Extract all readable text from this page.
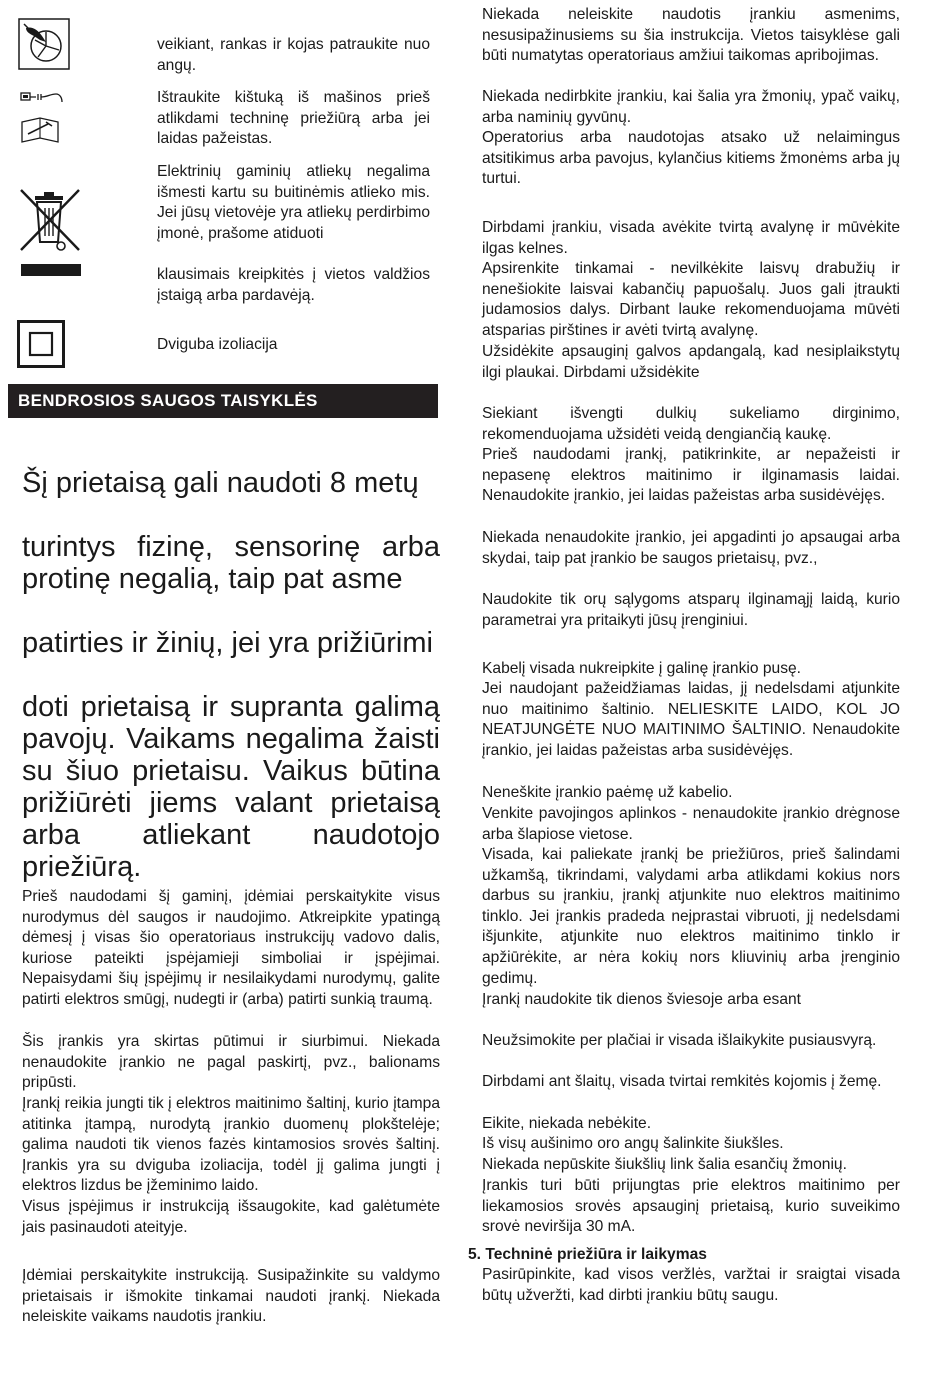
veikiant, rankas ir kojas patraukite nuo angų.

Ištraukite kištuką iš mašinos prieš atlikdami techninę priežiūrą arba jei laidas pažeistas.

Elektrinių gaminių atliekų negalima išmesti kartu su buitinėmis atlieko mis. Jei jūsų vietovėje yra atliekų perdirbimo įmonė, prašome atiduoti

klausimais kreipkitės į vietos valdžios įstaigą arba pardavėją.

Dviguba izoliacija

BENDROSIOS SAUGOS TAISYKLĖS

Šį prietaisą gali naudoti 8 metų

turintys fizinę, sensorinę arba protinę negalią, taip pat asme

patirties ir žinių, jei yra prižiūrimi

doti prietaisą ir supranta galimą pavojų. Vaikams negalima žaisti su šiuo prietaisu. Vaikus būtina prižiūrėti jiems valant prietaisą arba atliekant naudotojo priežiūrą.

Prieš naudodami šį gaminį, įdėmiai perskaitykite visus nurodymus dėl saugos ir naudojimo. Atkreipkite ypatingą dėmesį į visas šio operatoriaus instrukcijų vadovo dalis, kuriose pateikti įspėjamieji simboliai ir įspėjimai. Nepaisydami šių įspėjimų ir nesilaikydami nurodymų, galite patirti elektros smūgį, nudegti ir (arba) patirti sunkią traumą.

Šis įrankis yra skirtas pūtimui ir siurbimui. Niekada nenaudokite įrankio ne pagal paskirtį, pvz., balionams pripūsti.

Įrankį reikia jungti tik į elektros maitinimo šaltinį, kurio įtampa atitinka įtampą, nurodytą įrankio duomenų plokštelėje; galima naudoti tik vienos fazės kintamosios srovės šaltinį. Įrankis yra su dviguba izoliacija, todėl jį galima jungti į elektros lizdus be įžeminimo laido.

Visus įspėjimus ir instrukciją išsaugokite, kad galėtumėte jais pasinaudoti ateityje.

Įdėmiai perskaitykite instrukciją. Susipažinkite su valdymo prietaisais ir išmokite tinkamai naudoti įrankį. Niekada neleiskite vaikams naudotis įrankiu.

Niekada neleiskite naudotis įrankiu asmenims, nesusipažinusiems su šia instrukcija. Vietos taisyklėse gali būti numatytas operatoriaus amžiui taikomas apribojimas.

Niekada nedirbkite įrankiu, kai šalia yra žmonių, ypač vaikų, arba naminių gyvūnų.

Operatorius arba naudotojas atsako už nelaimingus atsitikimus arba pavojus, kylančius kitiems žmonėms arba jų turtui.

Dirbdami įrankiu, visada avėkite tvirtą avalynę ir mūvėkite ilgas kelnes.

Apsirenkite tinkamai - nevilkėkite laisvų drabužių ir nenešiokite laisvai kabančių papuošalų. Juos gali įtraukti judamosios dalys. Dirbant lauke rekomenduojama mūvėti atsparias pirštines ir avėti tvirtą avalynę.

Užsidėkite apsauginį galvos apdangalą, kad nesiplaikstytų ilgi plaukai. Dirbdami užsidėkite

Siekiant išvengti dulkių sukeliamo dirginimo, rekomenduojama užsidėti veidą dengiančią kaukę.

Prieš naudodami įrankį, patikrinkite, ar nepažeisti ir nepasenę elektros maitinimo ir ilginamasis laidai. Nenaudokite įrankio, jei laidas pažeistas arba susidėvėjęs.

Niekada nenaudokite įrankio, jei apgadinti jo apsaugai arba skydai, taip pat įrankio be saugos prietaisų, pvz.,

Naudokite tik orų sąlygoms atsparų ilginamąjį laidą, kurio parametrai yra pritaikyti jūsų įrenginiui.

Kabelį visada nukreipkite į galinę įrankio pusę.

Jei naudojant pažeidžiamas laidas, jį nedelsdami atjunkite nuo maitinimo šaltinio. NELIESKITE LAIDO, KOL JO NEATJUNGĖTE NUO MAITINIMO ŠALTINIO. Nenaudokite įrankio, jei laidas pažeistas arba susidėvėjęs.

Neneškite įrankio paėmę už kabelio.

Venkite pavojingos aplinkos - nenaudokite įrankio drėgnose arba šlapiose vietose.

Visada, kai paliekate įrankį be priežiūros, prieš šalindami užkamšą, tikrindami, valydami arba atlikdami kokius nors darbus su įrankiu, įrankį atjunkite nuo elektros maitinimo tinklo. Jei įrankis pradeda neįprastai vibruoti, jį nedelsdami išjunkite, atjunkite nuo elektros maitinimo tinklo ir apžiūrėkite, ar nėra kokių nors kliuvinių arba įrenginio gedimų.

Įrankį naudokite tik dienos šviesoje arba esant

Neužsimokite per plačiai ir visada išlaikykite pusiausvyrą.

Dirbdami ant šlaitų, visada tvirtai remkitės kojomis į žemę.

Eikite, niekada nebėkite.

Iš visų aušinimo oro angų šalinkite šiukšles.

Niekada nepūskite šiukšlių link šalia esančių žmonių.

Įrankis turi būti prijungtas prie elektros maitinimo per liekamosios srovės apsauginį prietaisą, kurio suveikimo srovė neviršija 30 mA.

5. Techninė priežiūra ir laikymas

Pasirūpinkite, kad visos veržlės, varžtai ir sraigtai visada būtų užveržti, kad dirbti įrankiu būtų saugu.
